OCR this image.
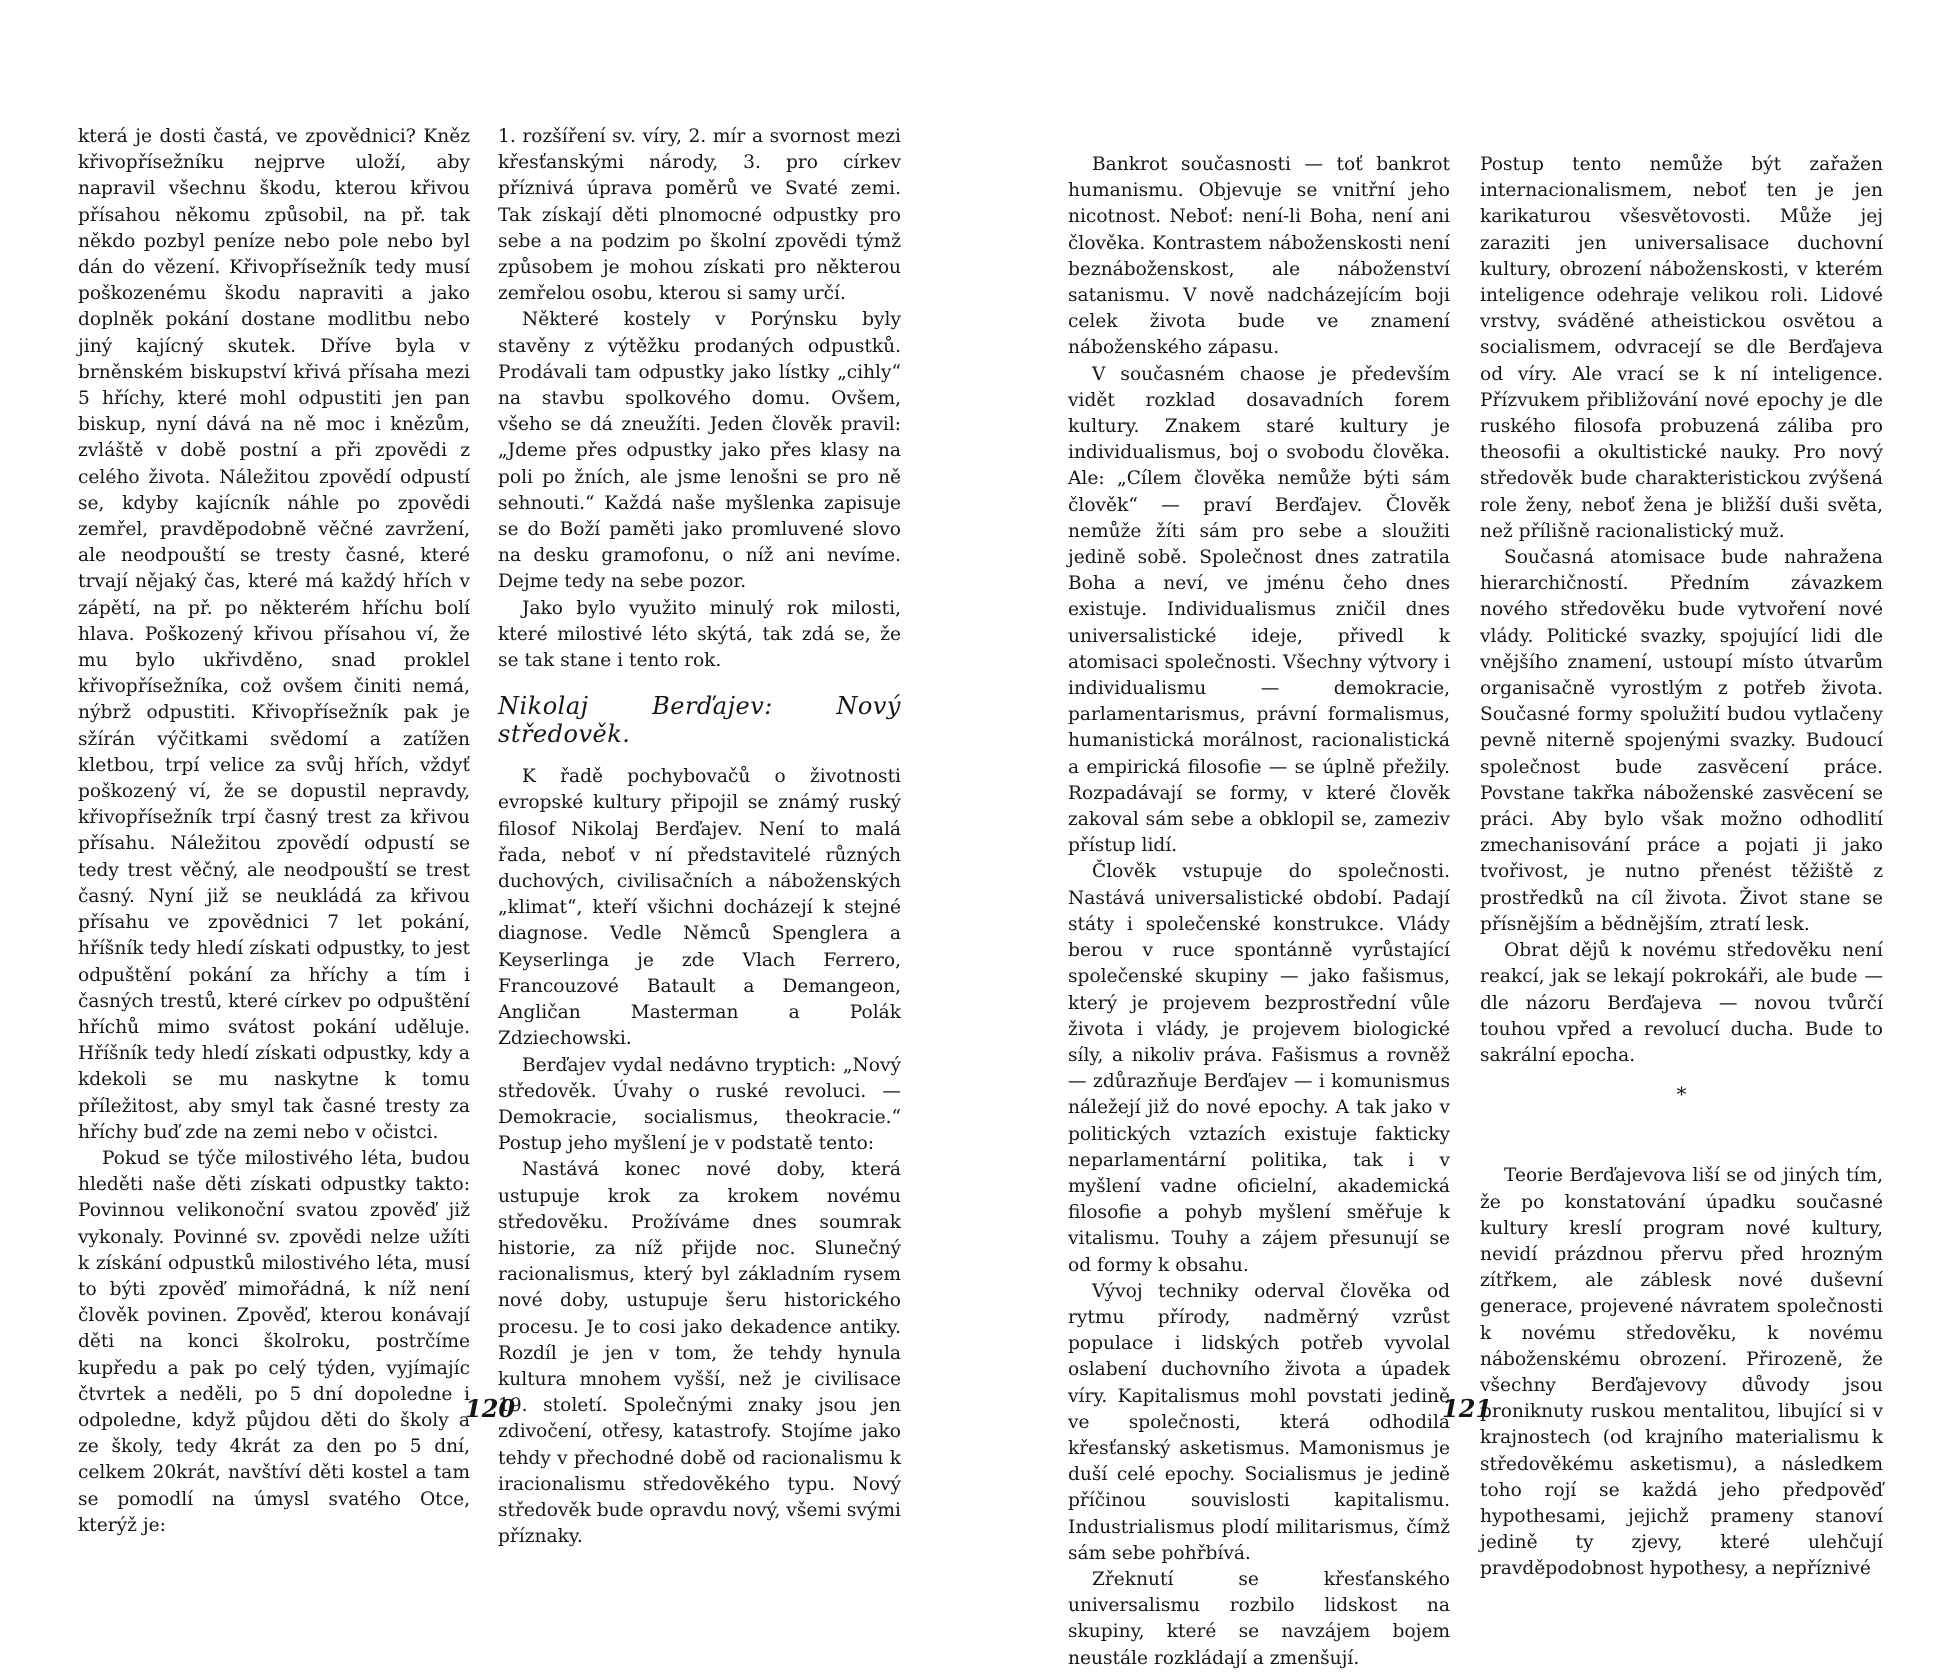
která je dosti častá, ve zpovědnici? Kněz křivopřísežníku nejprve uloží, aby napravil všechnu škodu, kterou křivou přísahou někomu způsobil, na př. tak někdo pozbyl peníze nebo pole nebo byl dán do vězení. Křivopřísežník tedy musí poškozenému škodu napraviti a jako doplněk pokání dostane modlitbu nebo jiný kajícný skutek. Dříve byla v brněnském biskupství křivá přísaha mezi 5 hříchy, které mohl odpustiti jen pan biskup, nyní dává na ně moc i knězům, zvláště v době postní a při zpovědi z celého života. Náležitou zpovědí odpustí se, kdyby kajícník náhle po zpovědi zemřel, pravděpodobně věčné zavržení, ale neodpouští se tresty časné, které trvají nějaký čas, které má každý hřích v zápětí, na př. po některém hříchu bolí hlava. Poškozený křivou přísahou ví, že mu bylo ukřivděno, snad proklel křivopřísežníka, což ovšem činiti nemá, nýbrž odpustiti. Křivopřísežník pak je sžírán výčitkami svědomí a zatížen kletbou, trpí velice za svůj hřích, vždyť poškozený ví, že se dopustil nepravdy, křivopřísežník trpí časný trest za křivou přísahu. Náležitou zpovědí odpustí se tedy trest věčný, ale neodpouští se trest časný. Nyní již se neukládá za křivou přísahu ve zpovědnici 7 let pokání, hříšník tedy hledí získati odpustky, to jest odpuštění pokání za hříchy a tím i časných trestů, které církev po odpuštění hříchů mimo svátost pokání uděluje. Hříšník tedy hledí získati odpustky, kdy a kdekoli se mu naskytne k tomu příležitost, aby smyl tak časné tresty za hříchy buď zde na zemi nebo v očistci.

Pokud se týče milostivého léta, budou hleděti naše děti získati odpustky takto: Povinnou velikonoční svatou zpověď již vykonaly. Povinné sv. zpovědi nelze užíti k získání odpustků milostivého léta, musí to býti zpověď mimořádná, k níž není člověk povinen. Zpověď, kterou konávají děti na konci školroku, postrčíme kupředu a pak po celý týden, vyjímajíc čtvrtek a neděli, po 5 dní dopoledne i odpoledne, když půjdou děti do školy a ze školy, tedy 4krát za den po 5 dní, celkem 20krát, navštíví děti kostel a tam se pomodlí na úmysl svatého Otce, kterýž je:

1. rozšíření sv. víry, 2. mír a svornost mezi křesťanskými národy, 3. pro církev příznivá úprava poměrů ve Svaté zemi. Tak získají děti plnomocné odpustky pro sebe a na podzim po školní zpovědi týmž způsobem je mohou získati pro některou zemřelou osobu, kterou si samy určí.

Některé kostely v Porýnsku byly stavěny z výtěžku prodaných odpustků. Prodávali tam odpustky jako lístky „cihly“ na stavbu spolkového domu. Ovšem, všeho se dá zneužíti. Jeden člověk pravil: „Jdeme přes odpustky jako přes klasy na poli po žních, ale jsme lenošni se pro ně sehnouti.“ Každá naše myšlenka zapisuje se do Boží paměti jako promluvené slovo na desku gramofonu, o níž ani nevíme. Dejme tedy na sebe pozor.

Jako bylo využito minulý rok milosti, které milostivé léto skýtá, tak zdá se, že se tak stane i tento rok.

Nikolaj Berďajev: Nový středověk.

K řadě pochybovačů o životnosti evropské kultury připojil se známý ruský filosof Nikolaj Berďajev. Není to malá řada, neboť v ní představitelé různých duchových, civilisačních a náboženských „klimat“, kteří všichni docházejí k stejné diagnose. Vedle Němců Spenglera a Keyserlinga je zde Vlach Ferrero, Francouzové Batault a Demangeon, Angličan Masterman a Polák Zdziechowski.

Berďajev vydal nedávno tryptich: „Nový středověk. Úvahy o ruské revoluci. — Demokracie, socialismus, theokracie.“ Postup jeho myšlení je v podstatě tento:

Nastává konec nové doby, která ustupuje krok za krokem novému středověku. Prožíváme dnes soumrak historie, za níž přijde noc. Slunečný racionalismus, který byl základním rysem nové doby, ustupuje šeru historického procesu. Je to cosi jako dekadence antiky. Rozdíl je jen v tom, že tehdy hynula kultura mnohem vyšší, než je civilisace 19. století. Společnými znaky jsou jen zdivočení, otřesy, katastrofy. Stojíme jako tehdy v přechodné době od racionalismu k iracionalismu středověkého typu. Nový středověk bude opravdu nový, všemi svými příznaky.

120

Bankrot současnosti — toť bankrot humanismu. Objevuje se vnitřní jeho nicotnost. Neboť: není-li Boha, není ani člověka. Kontrastem náboženskosti není beznáboženskost, ale náboženství satanismu. V nově nadcházejícím boji celek života bude ve znamení náboženského zápasu.

V současném chaose je především vidět rozklad dosavadních forem kultury. Znakem staré kultury je individualismus, boj o svobodu člověka. Ale: „Cílem člověka nemůže býti sám člověk“ — praví Berďajev. Člověk nemůže žíti sám pro sebe a sloužiti jedině sobě. Společnost dnes zatratila Boha a neví, ve jménu čeho dnes existuje. Individualismus zničil dnes universalistické ideje, přivedl k atomisaci společnosti. Všechny výtvory i individualismu — demokracie, parlamentarismus, právní formalismus, humanistická morálnost, racionalistická a empirická filosofie — se úplně přežily. Rozpadávají se formy, v které člověk zakoval sám sebe a obklopil se, zameziv přístup lidí.

Člověk vstupuje do společnosti. Nastává universalistické období. Padají státy i společenské konstrukce. Vlády berou v ruce spontánně vyrůstající společenské skupiny — jako fašismus, který je projevem bezprostřední vůle života i vlády, je projevem biologické síly, a nikoliv práva. Fašismus a rovněž — zdůrazňuje Berďajev — i komunismus náležejí již do nové epochy. A tak jako v politických vztazích existuje fakticky neparlamentární politika, tak i v myšlení vadne oficielní, akademická filosofie a pohyb myšlení směřuje k vitalismu. Touhy a zájem přesunují se od formy k obsahu.

Vývoj techniky oderval člověka od rytmu přírody, nadměrný vzrůst populace i lidských potřeb vyvolal oslabení duchovního života a úpadek víry. Kapitalismus mohl povstati jedině ve společnosti, která odhodila křesťanský asketismus. Mamonismus je duší celé epochy. Socialismus je jedině příčinou souvislosti kapitalismu. Industrialismus plodí militarismus, čímž sám sebe pohřbívá.

Zřeknutí se křesťanského universalismu rozbilo lidskost na skupiny, které se navzájem bojem neustále rozkládají a zmenšují.

Postup tento nemůže být zařažen internacionalismem, neboť ten je jen karikaturou všesvětovosti. Může jej zaraziti jen universalisace duchovní kultury, obrození náboženskosti, v kterém inteligence odehraje velikou roli. Lidové vrstvy, sváděné atheistickou osvětou a socialismem, odvracejí se dle Berďajeva od víry. Ale vrací se k ní inteligence. Přízvukem přibližování nové epochy je dle ruského filosofa probuzená záliba pro theosofii a okultistické nauky. Pro nový středověk bude charakteristickou zvýšená role ženy, neboť žena je bližší duši světa, než přílišně racionalistický muž.

Současná atomisace bude nahražena hierarchičností. Předním závazkem nového středověku bude vytvoření nové vlády. Politické svazky, spojující lidi dle vnějšího znamení, ustoupí místo útvarům organisačně vyrostlým z potřeb života. Současné formy spolužití budou vytlačeny pevně niterně spojenými svazky. Budoucí společnost bude zasvěcení práce. Povstane takřka náboženské zasvěcení se práci. Aby bylo však možno odhodlití zmechanisování práce a pojati ji jako tvořivost, je nutno přenést těžiště z prostředků na cíl života. Život stane se přísnějším a bědnějším, ztratí lesk.

Obrat dějů k novému středověku není reakcí, jak se lekají pokrokáři, ale bude — dle názoru Berďajeva — novou tvůrčí touhou vpřed a revolucí ducha. Bude to sakrální epocha.

*

Teorie Berďajevova liší se od jiných tím, že po konstatování úpadku současné kultury kreslí program nové kultury, nevidí prázdnou přervu před hrozným zítřkem, ale záblesk nové duševní generace, projevené návratem společnosti k novému středověku, k novému náboženskému obrození. Přirozeně, že všechny Berďajevovy důvody jsou proniknuty ruskou mentalitou, libující si v krajnostech (od krajního materialismu k středověkému asketismu), a následkem toho rojí se každá jeho předpověď hypothesami, jejichž prameny stanoví jedině ty zjevy, které ulehčují pravděpodobnost hypothesy, a nepříznivé

121
